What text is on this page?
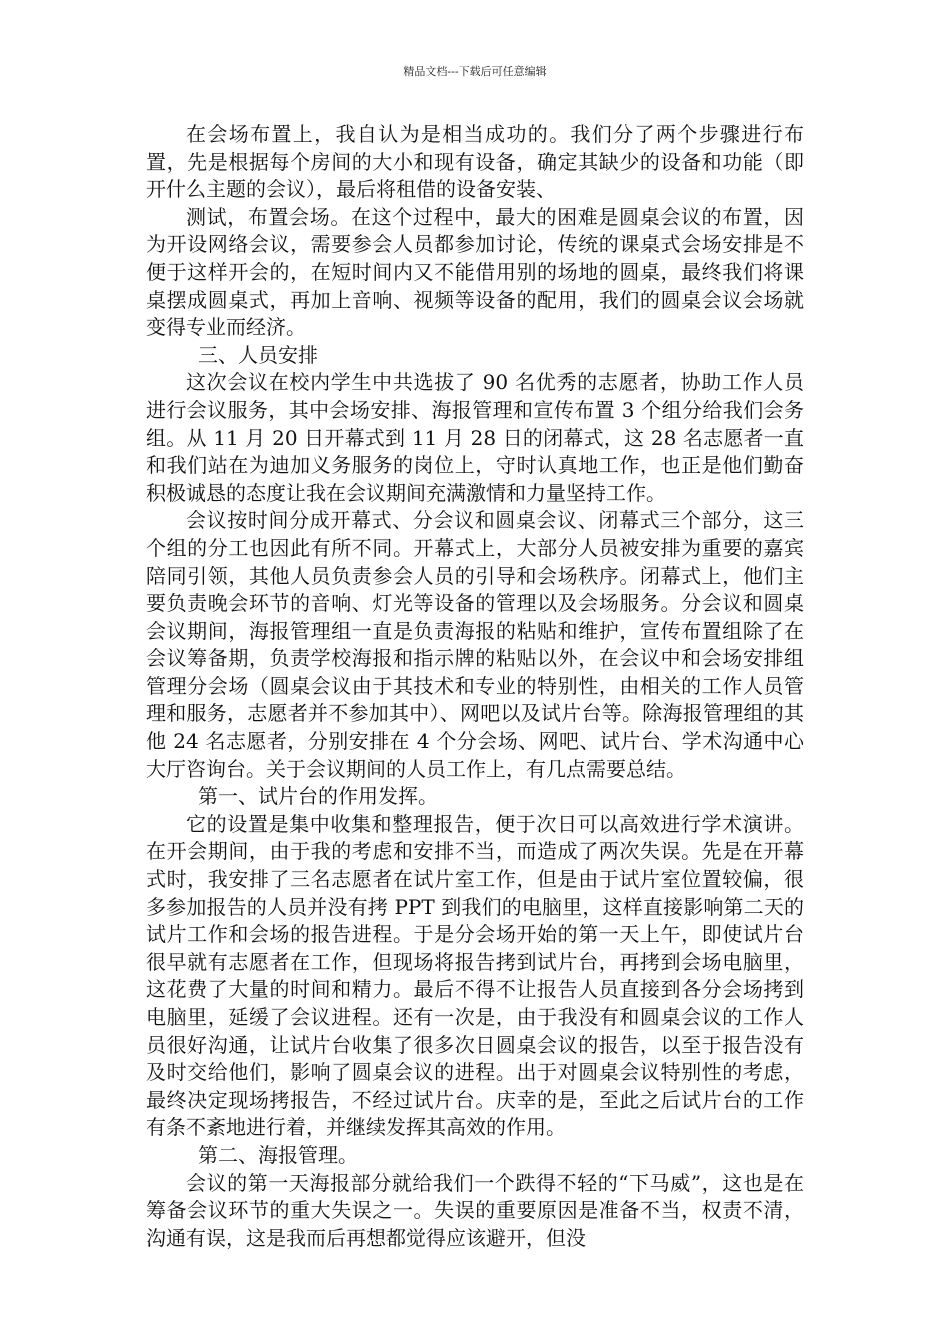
精品文档---下载后可任意编辑

在会场布置上，我自认为是相当成功的。我们分了两个步骤进行布置，先是根据每个房间的大小和现有设备，确定其缺少的设备和功能（即开什么主题的会议），最后将租借的设备安装、

测试，布置会场。在这个过程中，最大的困难是圆桌会议的布置，因为开设网络会议，需要参会人员都参加讨论，传统的课桌式会场安排是不便于这样开会的，在短时间内又不能借用别的场地的圆桌，最终我们将课桌摆成圆桌式，再加上音响、视频等设备的配用，我们的圆桌会议会场就变得专业而经济。

三、人员安排

这次会议在校内学生中共选拔了 90 名优秀的志愿者，协助工作人员进行会议服务，其中会场安排、海报管理和宣传布置 3 个组分给我们会务组。从 11 月 20 日开幕式到 11 月 28 日的闭幕式，这 28 名志愿者一直和我们站在为迪加义务服务的岗位上，守时认真地工作，也正是他们勤奋积极诚恳的态度让我在会议期间充满激情和力量坚持工作。

会议按时间分成开幕式、分会议和圆桌会议、闭幕式三个部分，这三个组的分工也因此有所不同。开幕式上，大部分人员被安排为重要的嘉宾陪同引领，其他人员负责参会人员的引导和会场秩序。闭幕式上，他们主要负责晚会环节的音响、灯光等设备的管理以及会场服务。分会议和圆桌会议期间，海报管理组一直是负责海报的粘贴和维护，宣传布置组除了在会议筹备期，负责学校海报和指示牌的粘贴以外，在会议中和会场安排组管理分会场（圆桌会议由于其技术和专业的特别性，由相关的工作人员管理和服务，志愿者并不参加其中）、网吧以及试片台等。除海报管理组的其他 24 名志愿者，分别安排在 4 个分会场、网吧、试片台、学术沟通中心大厅咨询台。关于会议期间的人员工作上，有几点需要总结。

第一、试片台的作用发挥。

它的设置是集中收集和整理报告，便于次日可以高效进行学术演讲。在开会期间，由于我的考虑和安排不当，而造成了两次失误。先是在开幕式时，我安排了三名志愿者在试片室工作，但是由于试片室位置较偏，很多参加报告的人员并没有拷 PPT 到我们的电脑里，这样直接影响第二天的试片工作和会场的报告进程。于是分会场开始的第一天上午，即使试片台很早就有志愿者在工作，但现场将报告拷到试片台，再拷到会场电脑里，这花费了大量的时间和精力。最后不得不让报告人员直接到各分会场拷到电脑里，延缓了会议进程。还有一次是，由于我没有和圆桌会议的工作人员很好沟通，让试片台收集了很多次日圆桌会议的报告，以至于报告没有及时交给他们，影响了圆桌会议的进程。出于对圆桌会议特别性的考虑，最终决定现场拷报告，不经过试片台。庆幸的是，至此之后试片台的工作有条不紊地进行着，并继续发挥其高效的作用。

第二、海报管理。

会议的第一天海报部分就给我们一个跌得不轻的“下马威”，这也是在筹备会议环节的重大失误之一。失误的重要原因是准备不当，权责不清，沟通有误，这是我而后再想都觉得应该避开，但没
